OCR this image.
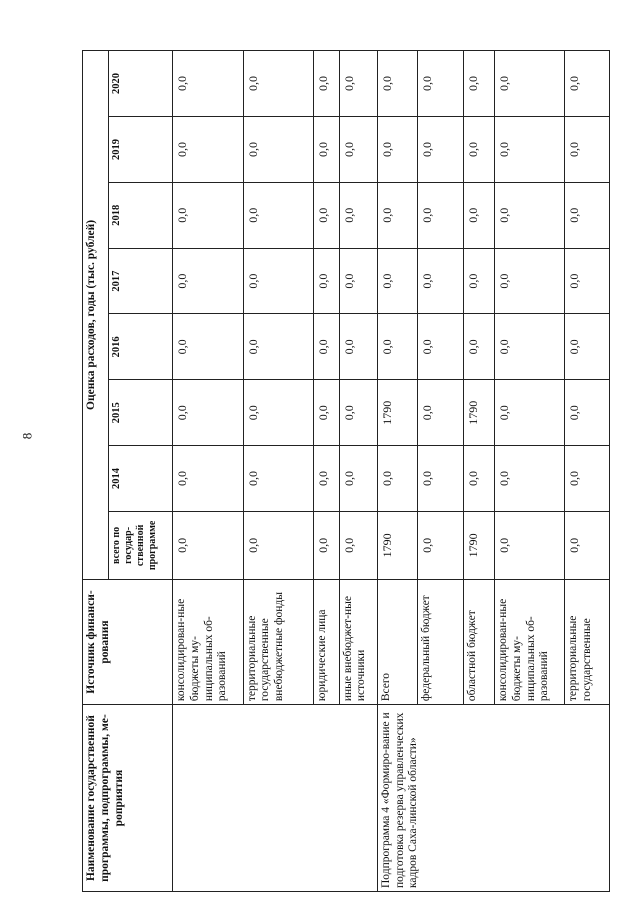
8
Наименование государственной программы, подпрограммы, ме-роприятия	Источник финанси-рования	Оценка расходов, годы (тыс. рублей)							
		всего по государ-ственной программе	2014	2015	2016	2017	2018	2019	2020
	консолидирован-ные бюджеты му-ниципальных об-разований	0,0	0,0	0,0	0,0	0,0	0,0	0,0	0,0
	территориальные государственные внебюджетные фонды	0,0	0,0	0,0	0,0	0,0	0,0	0,0	0,0
	юридические лица	0,0	0,0	0,0	0,0	0,0	0,0	0,0	0,0
	иные внебюджет-ные источники	0,0	0,0	0,0	0,0	0,0	0,0	0,0	0,0
Подпрограмма 4 «Формиро-вание и подготовка резерва управленческих кадров Саха-линской области»	Всего	1790	0,0	1790	0,0	0,0	0,0	0,0	0,0
	федеральный бюджет	0,0	0,0	0,0	0,0	0,0	0,0	0,0	0,0
	областной бюджет	1790	0,0	1790	0,0	0,0	0,0	0,0	0,0
	консолидирован-ные бюджеты му-ниципальных об-разований	0,0	0,0	0,0	0,0	0,0	0,0	0,0	0,0
	территориальные государственные	0,0	0,0	0,0	0,0	0,0	0,0	0,0	0,0
